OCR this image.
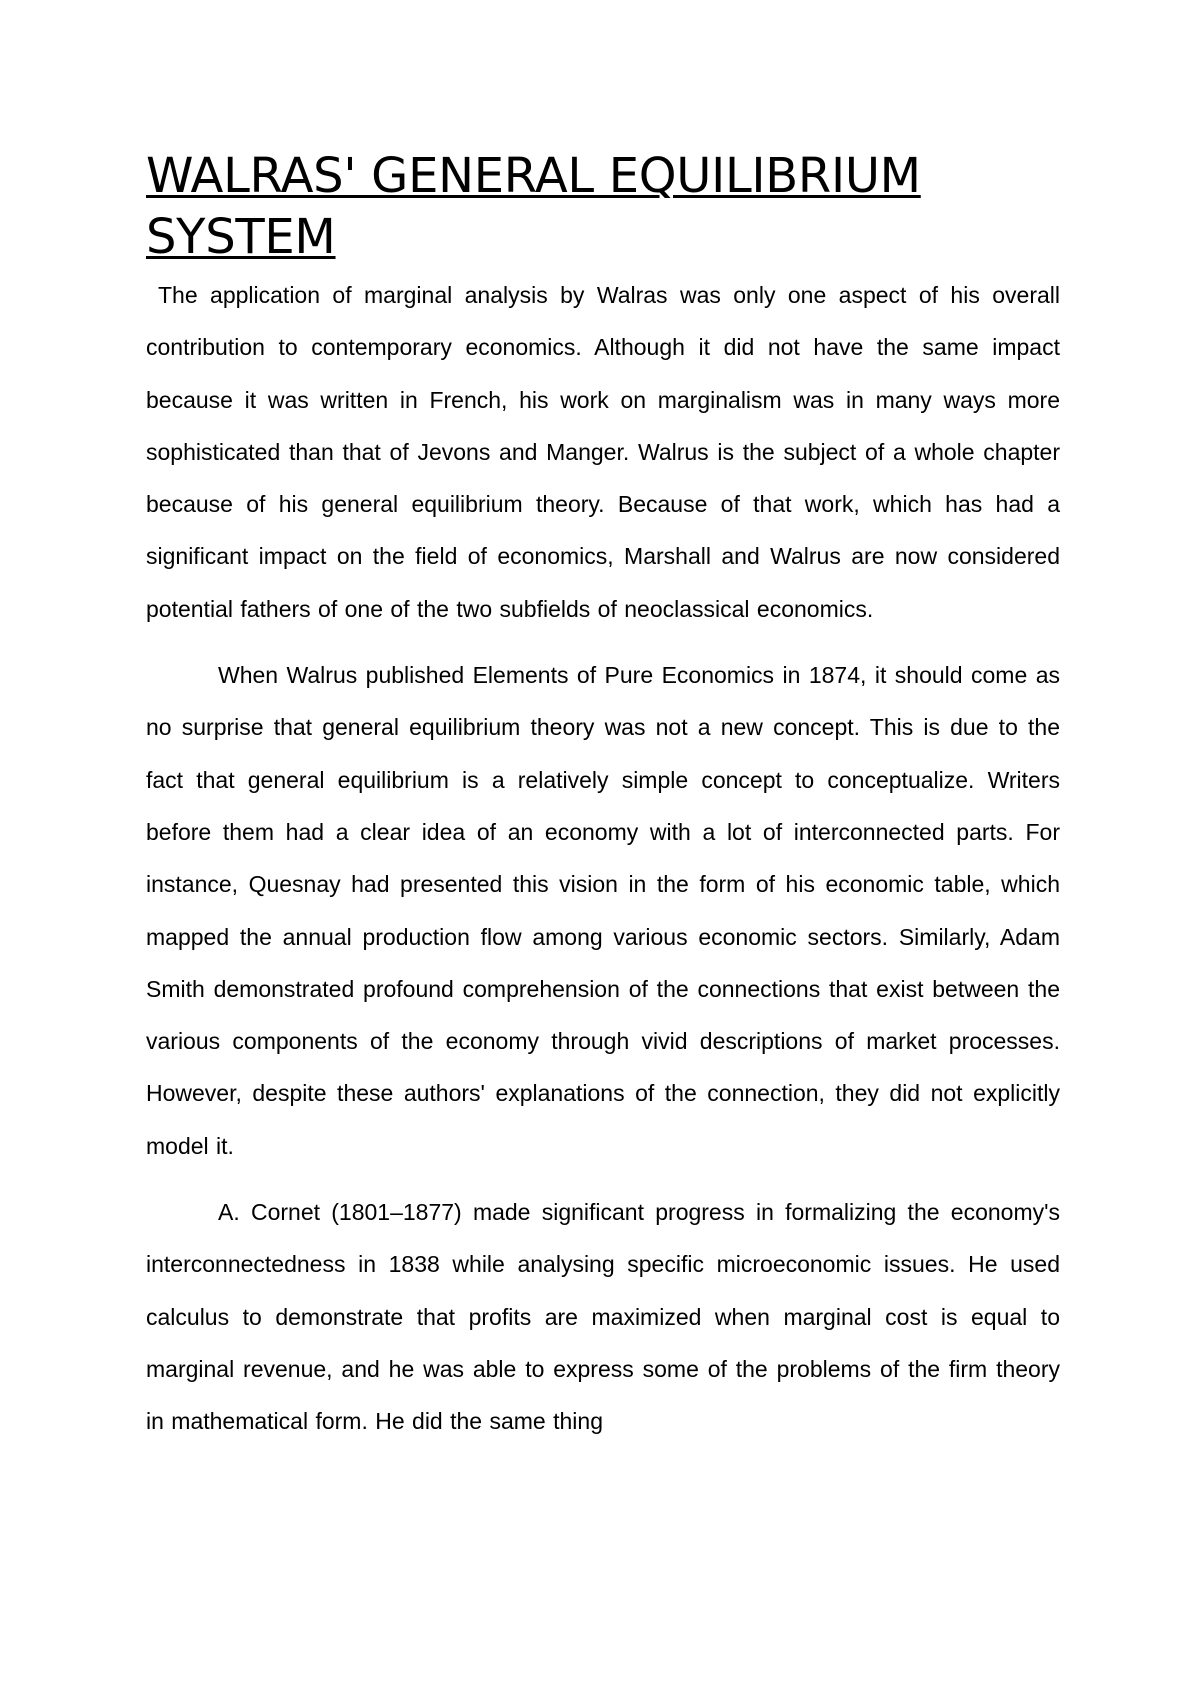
WALRAS' GENERAL EQUILIBRIUM SYSTEM

The application of marginal analysis by Walras was only one aspect of his overall contribution to contemporary economics. Although it did not have the same impact because it was written in French, his work on marginalism was in many ways more sophisticated than that of Jevons and Manger. Walrus is the subject of a whole chapter because of his general equilibrium theory. Because of that work, which has had a significant impact on the field of economics, Marshall and Walrus are now considered potential fathers of one of the two subfields of neoclassical economics.

When Walrus published Elements of Pure Economics in 1874, it should come as no surprise that general equilibrium theory was not a new concept. This is due to the fact that general equilibrium is a relatively simple concept to conceptualize. Writers before them had a clear idea of an economy with a lot of interconnected parts. For instance, Quesnay had presented this vision in the form of his economic table, which mapped the annual production flow among various economic sectors. Similarly, Adam Smith demonstrated profound comprehension of the connections that exist between the various components of the economy through vivid descriptions of market processes. However, despite these authors' explanations of the connection, they did not explicitly model it.

A. Cornet (1801–1877) made significant progress in formalizing the economy's interconnectedness in 1838 while analysing specific microeconomic issues. He used calculus to demonstrate that profits are maximized when marginal cost is equal to marginal revenue, and he was able to express some of the problems of the firm theory in mathematical form. He did the same thing
